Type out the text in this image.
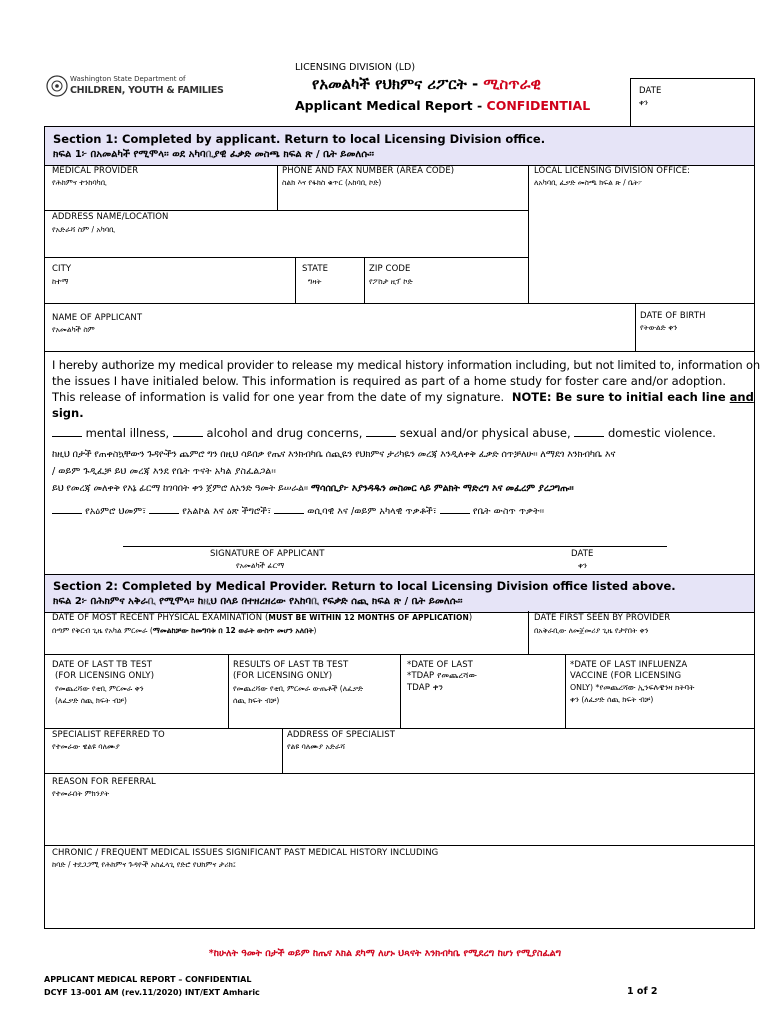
LICENSING DIVISION (LD)
Washington State Department of
CHILDREN, YOUTH & FAMILIES	የአመልካች የህክምና ሪፖርት - ሚስጥራዊ
Applicant Medical Report - CONFIDENTIAL
DATE
ቀን
Section 1: Completed by applicant. Return to local Licensing Division office.
ክፍል 1፦ በአመልካች የሚሞላ፡፡ ወደ አካባቢያዊ ፈቃድ መስጫ ክፍል ጽ / ቤት ይመለሱ፡፡
MEDICAL PROVIDER
የሕክምና ተንከባካቢ
PHONE AND FAX NUMBER (AREA CODE)
ስልክ እና የፋክስ ቁጥር (አከባቢ ኮድ)
LOCAL LICENSING DIVISION OFFICE:
ለአካባቢ ፈቃድ መስጫ ክፍል ጽ / ቤት፦
ADDRESS NAME/LOCATION
የአድራሻ ስም / አካባቢ
CITY
ከተማ
STATE
ግዛት
ZIP CODE
የፖስታ ዚፕ ኮድ
NAME OF APPLICANT
የአመልካች ስም
DATE OF BIRTH
የትውልድ ቀን
I hereby authorize my medical provider to release my medical history information including, but not limited to, information on
the issues I have initialed below. This information is required as part of a home study for foster care and/or adoption.
This release of information is valid for one year from the date of my signature. NOTE: Be sure to initial each line and
sign.
mental illness,	alcohol and drug concerns,	sexual and/or physical abuse,	domestic violence.
ከዚህ በታች የጠቀስኳቸውን ጉዳዮችን ጨምሮ ግን በዚህ ሳይበቃ የጤና እንክብካቤ ሰጪዬን የህክምና ታሪካዬን መረጃ እንዲለቀቅ ፈቃድ ሰጥቻለሁ፡፡ ለማደጎ እንክብካቤ እና
/ ወይም ጉዲፈቻ ይህ መረጃ እንደ የቤት ጥናት አካል ያስፈልጋል፡፡
ይህ የመረጃ መለቀቅ የእኔ ፊርማ ከገባበት ቀን ጀምሮ ለአንድ ዓመት ይሠራል፡፡ ማሳሰቢያ፦ እያንዳዱን መስመር ላይ ምልክት ማድረግ እና መፈረም ያረጋግጡ፡፡
የአዕምሮ ህመም፣	የአልኮል እና ዕጽ ችግሮች፣	ወሲባዊ እና /ወይም አካላዊ ጥቃቶች፣	የቤት ውስጥ ጥቃት፡፡
SIGNATURE OF APPLICANT
የአመልካች ፊርማ
DATE
ቀን
Section 2: Completed by Medical Provider. Return to local Licensing Division office listed above.
ክፍል 2፦ በሕክምና አቅራቢ የሚሞላ። ከዚህ በላይ በተዘረዘረው የአከባቢ የፍቃድ ሰጪ ክፍል ጽ / ቤት ይመለሱ፡፡
DATE OF MOST RECENT PHYSICAL EXAMINATION (MUST BE WITHIN 12 MONTHS OF APPLICATION)
በጣም የቅርብ ጊዜ የአካል ምርመራ (ማመልከቻው ከመግባቱ በ 12 ወራት ውስጥ መሆን አለበት)
DATE FIRST SEEN BY PROVIDER
በአቅራቢው ለመጀመሪያ ጊዜ የታየበት ቀን
DATE OF LAST TB TEST
(FOR LICENSING ONLY)
የመጨረሻው የቲቢ ምርመራ ቀን
(ለፈቃድ ሰጪ ክፍት ብቻ)
RESULTS OF LAST TB TEST
(FOR LICENSING ONLY)
የመጨረሻው የቲቢ ምርመራ ውጤቶች (ለፈቃድ
ሰጪ ክፍት ብቻ)
*DATE OF LAST
*TDAP የመጨረሻው
TDAP ቀን
*DATE OF LAST INFLUENZA
VACCINE (FOR LICENSING
ONLY) *የመጨረሻው ኢንፍሉዌንዛ ክትባት
ቀን (ለፈቃድ ሰጪ ክፍት ብቻ)
SPECIALIST REFERRED TO
የተመራው ዌልዩ ባለሙያ
ADDRESS OF SPECIALIST
የልዩ ባለሙያ አድራሻ
REASON FOR REFERRAL
የተመራበት ምክንያት
CHRONIC / FREQUENT MEDICAL ISSUES SIGNIFICANT PAST MEDICAL HISTORY INCLUDING
ከባድ / ተደጋጋሚ የሕክምና ጉዳዮች አስፈላጊ የድሮ የህክምና ታሪክ፤
*ከሁለት ዓመት በታች ወይም ከጤና እክል ደካማ ለሆኑ ህጻናት እንክብካቤ የሚደረግ ከሆነ የሚያስፈልግ
APPLICANT MEDICAL REPORT – CONFIDENTIAL
DCYF 13-001 AM (rev.11/2020) INT/EXT Amharic	1 of 2
